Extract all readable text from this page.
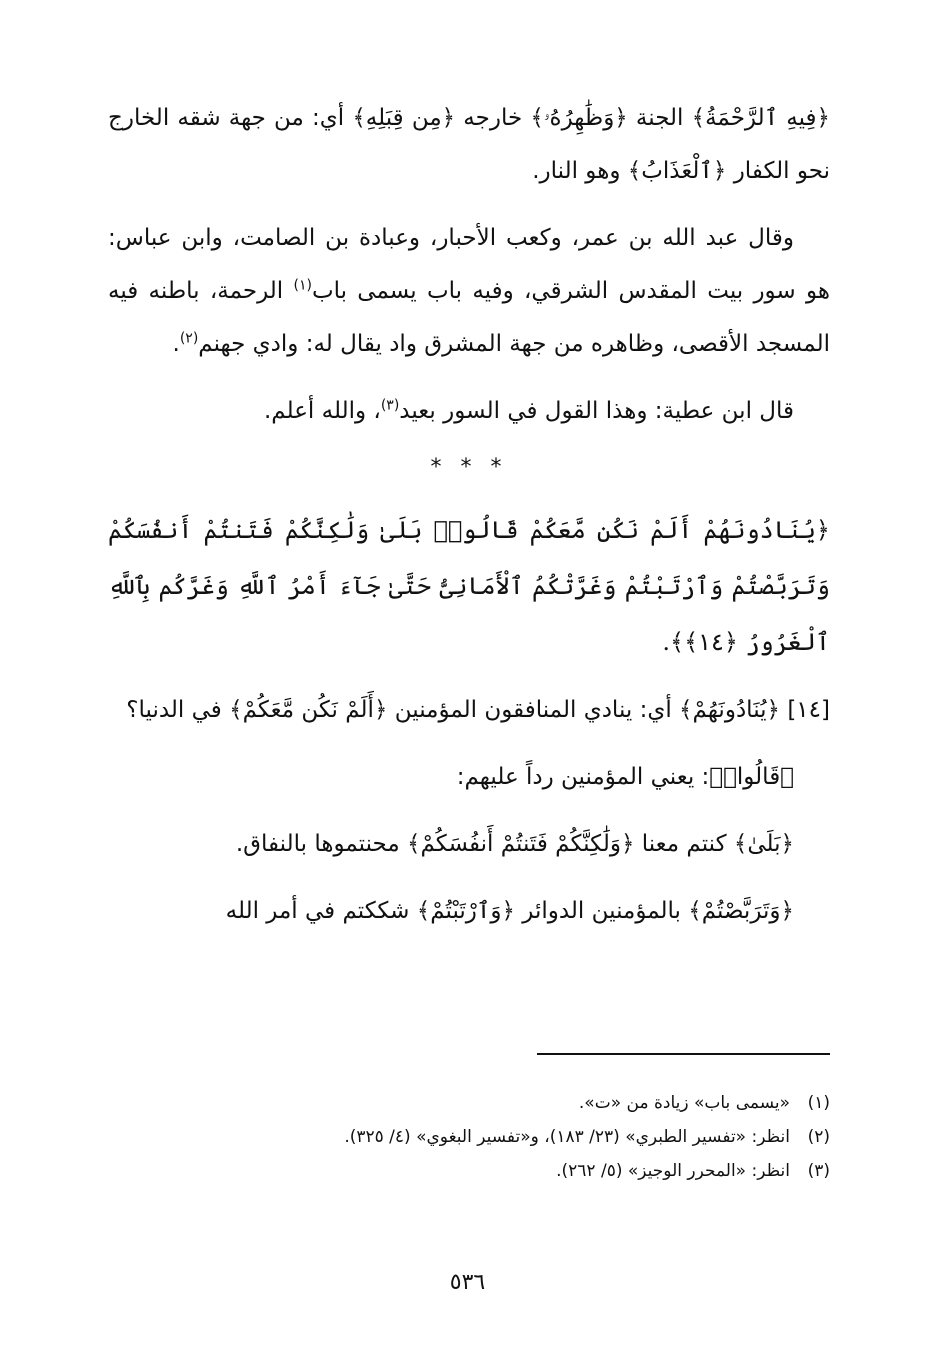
﴿فِيهِ ٱلرَّحْمَةُ﴾ الجنة ﴿وَظَٰهِرُهُۥ﴾ خارجه ﴿مِن قِبَلِهِ﴾ أي: من جهة شقه الخارج نحو الكفار ﴿ٱلْعَذَابُ﴾ وهو النار.

وقال عبد الله بن عمر، وكعب الأحبار، وعبادة بن الصامت، وابن عباس: هو سور بيت المقدس الشرقي، وفيه باب يسمى باب$^{(١)}$ الرحمة، باطنه فيه المسجد الأقصى، وظاهره من جهة المشرق واد يقال له: وادي جهنم$^{(٢)}$.

قال ابن عطية: وهذا القول في السور بعيد$^{(٣)}$، والله أعلم.

* * *

﴿يُنَادُونَهُمْ أَلَمْ نَكُن مَّعَكُمْ قَالُوا۟ بَلَىٰ وَلَٰكِنَّكُمْ فَتَنتُمْ أَنفُسَكُمْ وَتَرَبَّصْتُمْ وَٱرْتَبْتُمْ وَغَرَّتْكُمُ ٱلْأَمَانِىُّ حَتَّىٰ جَآءَ أَمْرُ ٱللَّهِ وَغَرَّكُم بِٱللَّهِ ٱلْغَرُورُ ﴿١٤﴾﴾.

[١٤] ﴿يُنَادُونَهُمْ﴾ أي: ينادي المنافقون المؤمنين ﴿أَلَمْ نَكُن مَّعَكُمْ﴾ في الدنيا؟

﴿قَالُوا۟﴾: يعني المؤمنين رداً عليهم:

﴿بَلَىٰ﴾ كنتم معنا ﴿وَلَٰكِنَّكُمْ فَتَنتُمْ أَنفُسَكُمْ﴾ محنتموها بالنفاق.

﴿وَتَرَبَّصْتُمْ﴾ بالمؤمنين الدوائر ﴿وَٱرْتَبْتُمْ﴾ شككتم في أمر الله

(١)«يسمى باب» زيادة من «ت».

(٢)انظر: «تفسير الطبري» (٢٣/ ١٨٣)، و«تفسير البغوي» (٤/ ٣٢٥).

(٣)انظر: «المحرر الوجيز» (٥/ ٢٦٢).

٥٣٦
